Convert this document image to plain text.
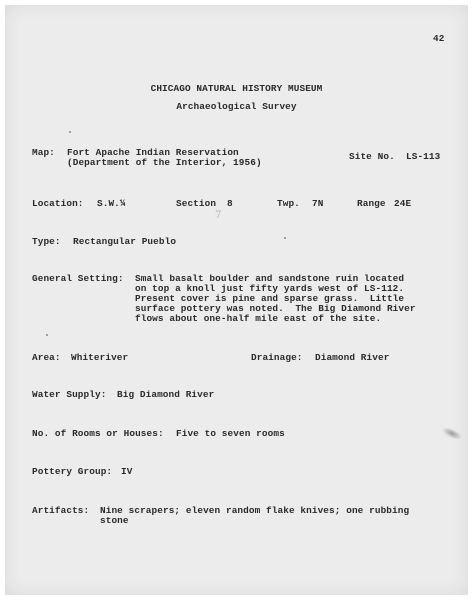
42
CHICAGO NATURAL HISTORY MUSEUM
Archaeological Survey
Map: Fort Apache Indian Reservation
(Department of the Interior, 1956)
Site No. LS-113
Location: S.W.¼	Section 8	Twp. 7N	Range 24E
7
Type: Rectangular Pueblo
General Setting: Small basalt boulder and sandstone ruin located
on top a knoll just fifty yards west of LS-112.
Present cover is pine and sparse grass.  Little
surface pottery was noted.  The Big Diamond River
flows about one-half mile east of the site.
Area: Whiteriver	Drainage: Diamond River
Water Supply: Big Diamond River
No. of Rooms or Houses: Five to seven rooms
Pottery Group: IV
Artifacts: Nine scrapers; eleven random flake knives; one rubbing
stone
